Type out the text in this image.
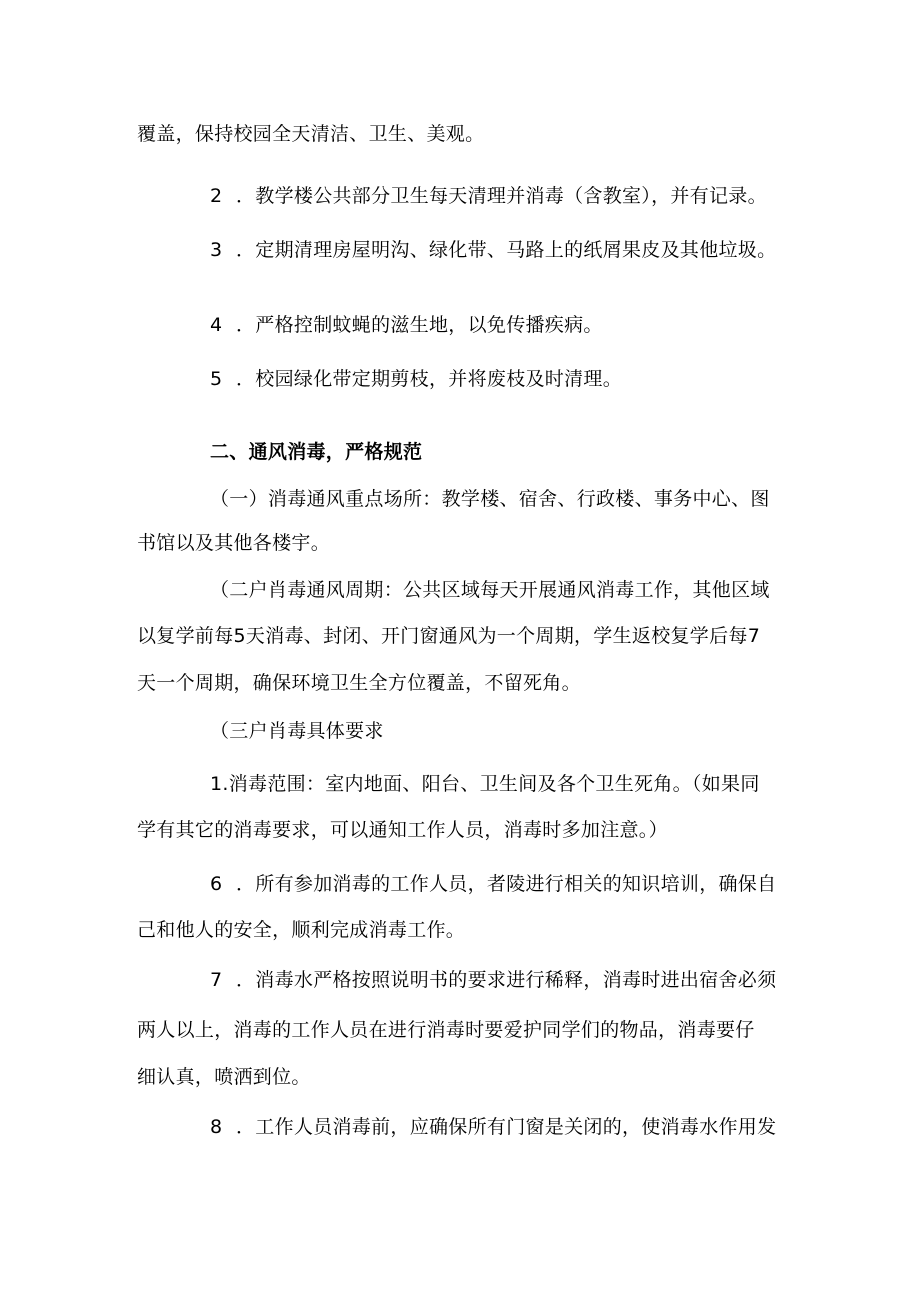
覆盖，保持校园全天清洁、卫生、美观。
2 ．教学楼公共部分卫生每天清理并消毒（含教室），并有记录。
3 ．定期清理房屋明沟、绿化带、马路上的纸屑果皮及其他垃圾。
4 ．严格控制蚊蝇的滋生地，以免传播疾病。
5 ．校园绿化带定期剪枝，并将废枝及时清理。
二、通风消毒，严格规范
（一）消毒通风重点场所：教学楼、宿舍、行政楼、事务中心、图
书馆以及其他各楼宇。
（二户肖毒通风周期：公共区域每天开展通风消毒工作，其他区域
以复学前每5天消毒、封闭、开门窗通风为一个周期，学生返校复学后每7
天一个周期，确保环境卫生全方位覆盖，不留死角。
（三户肖毒具体要求
1.消毒范围：室内地面、阳台、卫生间及各个卫生死角。（如果同
学有其它的消毒要求，可以通知工作人员，消毒时多加注意。）
6 ．所有参加消毒的工作人员，者陵进行相关的知识培训，确保自
己和他人的安全，顺利完成消毒工作。
7 ．消毒水严格按照说明书的要求进行稀释，消毒时进出宿舍必须
两人以上，消毒的工作人员在进行消毒时要爱护同学们的物品，消毒要仔
细认真，喷洒到位。
8 ．工作人员消毒前，应确保所有门窗是关闭的，使消毒水作用发
